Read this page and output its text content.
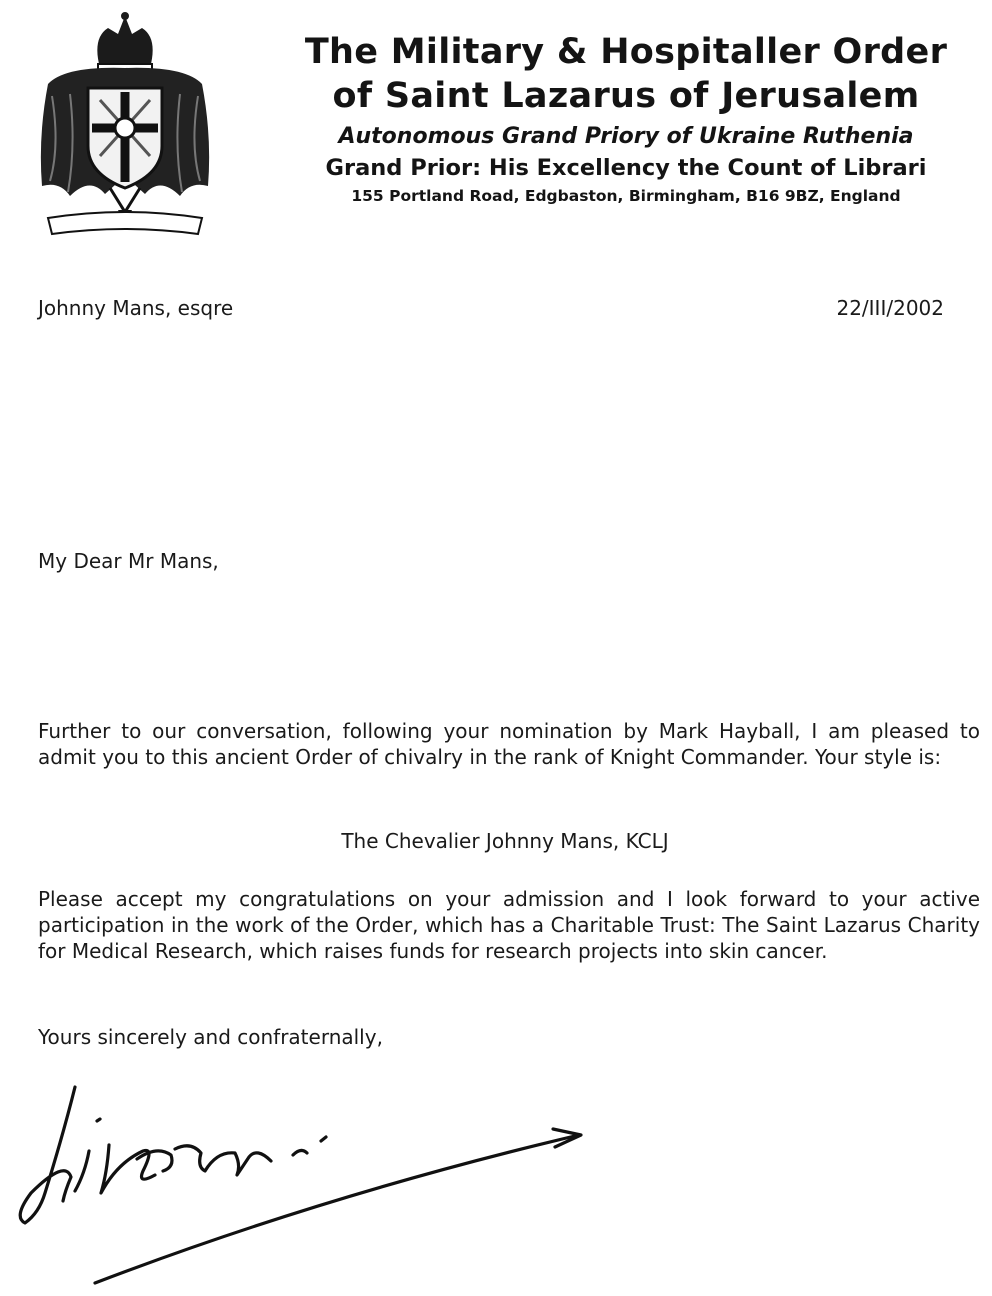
The Military & Hospitaller Order
of Saint Lazarus of Jerusalem
Autonomous Grand Priory of Ukraine Ruthenia
Grand Prior: His Excellency the Count of Librari
155 Portland Road, Edgbaston, Birmingham, B16 9BZ, England
Johnny Mans, esqre	22/III/2002
My Dear Mr Mans,
Further to our conversation, following your nomination by Mark Hayball, I am pleased to admit you to this ancient Order of chivalry in the rank of Knight Commander. Your style is:
The Chevalier Johnny Mans, KCLJ
Please accept my congratulations on your admission and I look forward to your active participation in the work of the Order, which has a Charitable Trust: The Saint Lazarus Charity for Medical Research, which raises funds for research projects into skin cancer.
Yours sincerely and confraternally,
